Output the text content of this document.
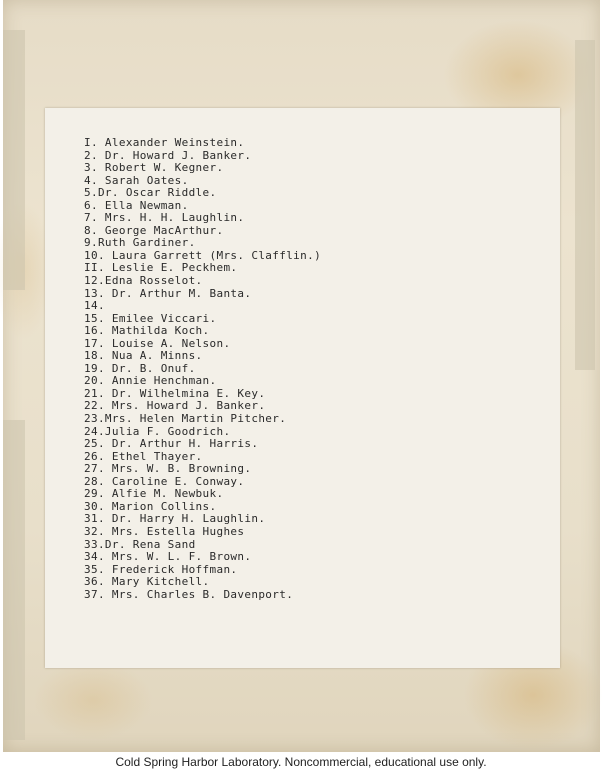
I. Alexander Weinstein.
2. Dr. Howard J. Banker.
3. Robert W. Kegner.
4. Sarah Oates.
5.Dr. Oscar Riddle.
6. Ella Newman.
7. Mrs. H. H. Laughlin.
8. George MacArthur.
9.Ruth Gardiner.
10. Laura Garrett (Mrs. Clafflin.)
II. Leslie E. Peckhem.
12.Edna Rosselot.
13. Dr. Arthur M. Banta.
14.
15. Emilee Viccari.
16. Mathilda Koch.
17. Louise A. Nelson.
18. Nua A. Minns.
19. Dr. B. Onuf.
20. Annie Henchman.
21. Dr. Wilhelmina E. Key.
22. Mrs. Howard J. Banker.
23.Mrs. Helen Martin Pitcher.
24.Julia F. Goodrich.
25. Dr. Arthur H. Harris.
26. Ethel Thayer.
27. Mrs. W. B. Browning.
28. Caroline E. Conway.
29. Alfie M. Newbuk.
30. Marion Collins.
31. Dr. Harry H. Laughlin.
32. Mrs. Estella Hughes
33.Dr. Rena Sand
34. Mrs. W. L. F. Brown.
35. Frederick Hoffman.
36. Mary Kitchell.
37. Mrs. Charles B. Davenport.
Cold Spring Harbor Laboratory. Noncommercial, educational use only.
